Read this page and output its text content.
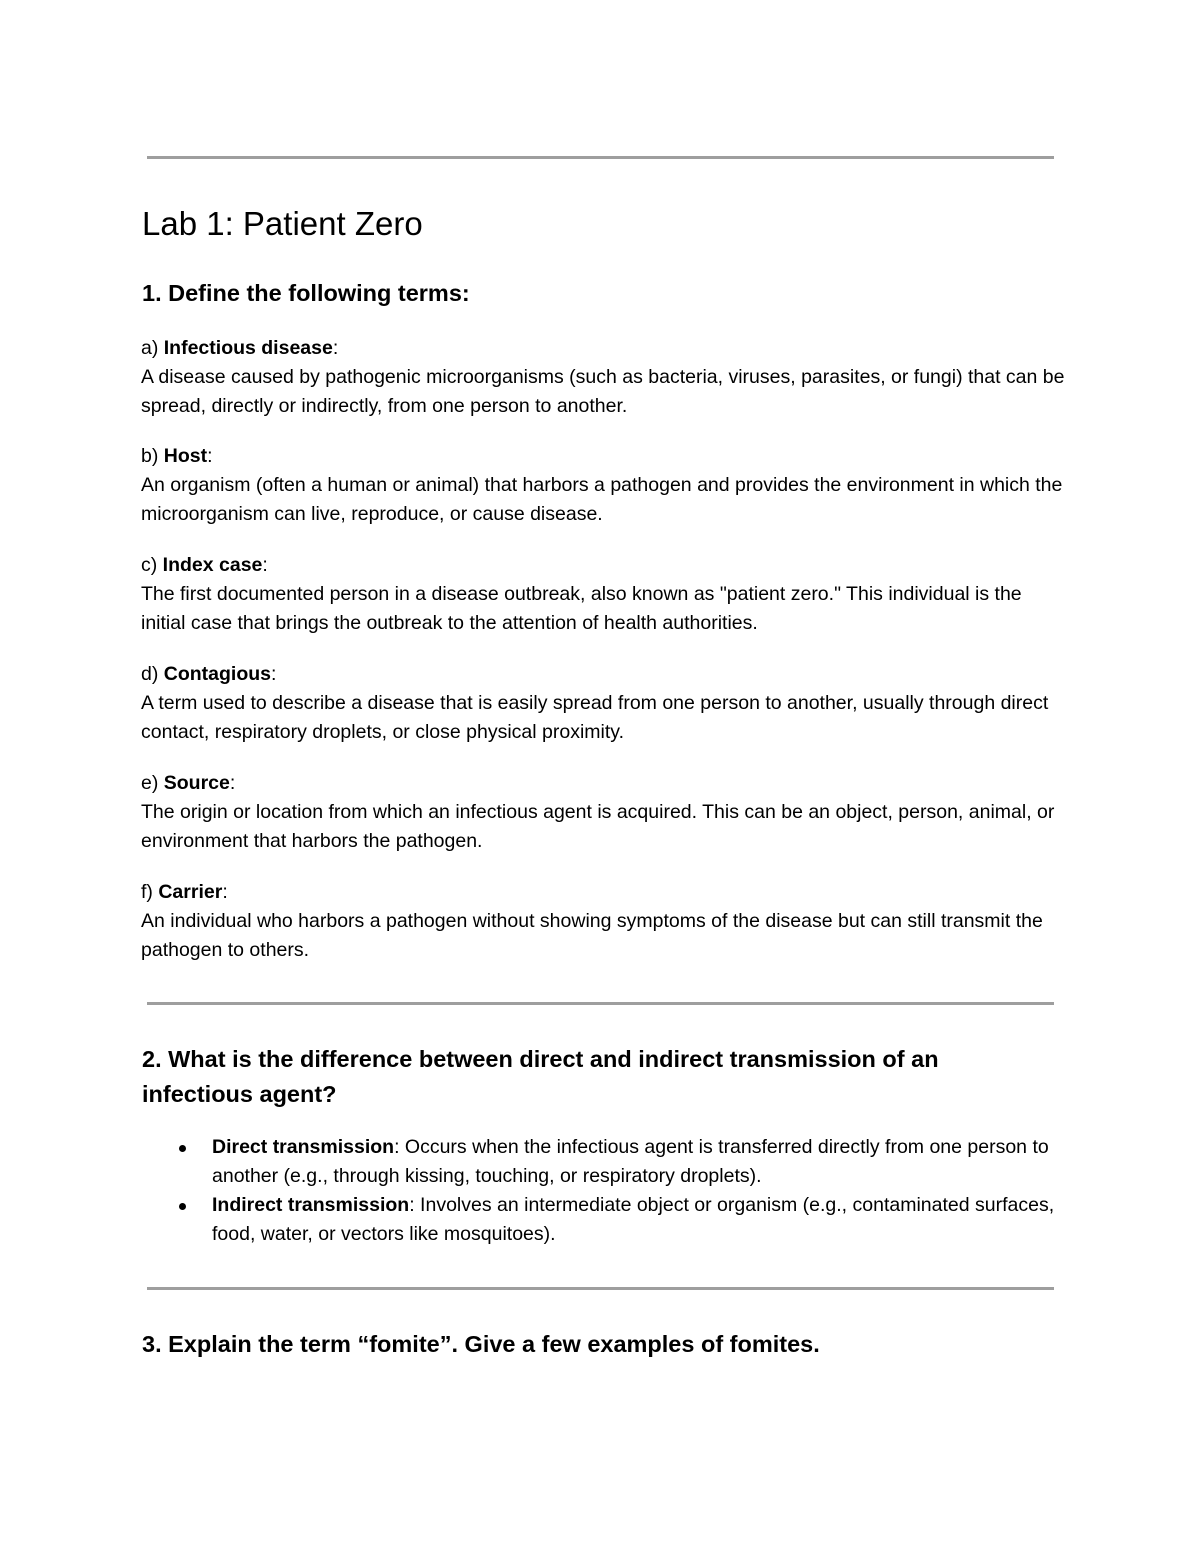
Lab 1: Patient Zero
1. Define the following terms:
a) Infectious disease:
A disease caused by pathogenic microorganisms (such as bacteria, viruses, parasites, or fungi) that can be spread, directly or indirectly, from one person to another.
b) Host:
An organism (often a human or animal) that harbors a pathogen and provides the environment in which the microorganism can live, reproduce, or cause disease.
c) Index case:
The first documented person in a disease outbreak, also known as "patient zero." This individual is the initial case that brings the outbreak to the attention of health authorities.
d) Contagious:
A term used to describe a disease that is easily spread from one person to another, usually through direct contact, respiratory droplets, or close physical proximity.
e) Source:
The origin or location from which an infectious agent is acquired. This can be an object, person, animal, or environment that harbors the pathogen.
f) Carrier:
An individual who harbors a pathogen without showing symptoms of the disease but can still transmit the pathogen to others.
2. What is the difference between direct and indirect transmission of an infectious agent?
Direct transmission: Occurs when the infectious agent is transferred directly from one person to another (e.g., through kissing, touching, or respiratory droplets).
Indirect transmission: Involves an intermediate object or organism (e.g., contaminated surfaces, food, water, or vectors like mosquitoes).
3. Explain the term “fomite”. Give a few examples of fomites.
